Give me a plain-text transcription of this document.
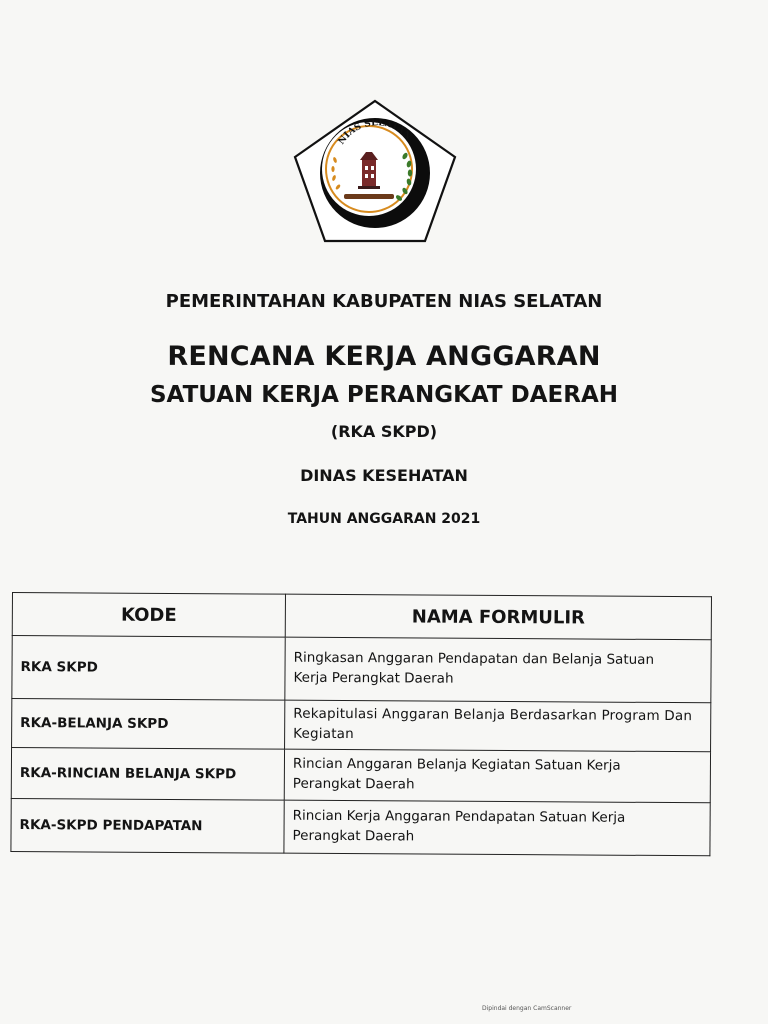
NIAS SELATAN
PEMERINTAHAN KABUPATEN NIAS SELATAN
RENCANA KERJA ANGGARAN
SATUAN KERJA PERANGKAT DAERAH
(RKA SKPD)
DINAS KESEHATAN
TAHUN ANGGARAN 2021
KODE	NAMA FORMULIR
RKA SKPD	Ringkasan Anggaran Pendapatan dan Belanja Satuan
Kerja Perangkat Daerah

RKA-BELANJA SKPD	Rekapitulasi Anggaran Belanja Berdasarkan Program Dan
Kegiatan

RKA-RINCIAN BELANJA SKPD	Rincian Anggaran Belanja Kegiatan Satuan Kerja
Perangkat Daerah

RKA-SKPD PENDAPATAN	Rincian Kerja Anggaran Pendapatan Satuan Kerja
Perangkat Daerah
Dipindai dengan CamScanner
